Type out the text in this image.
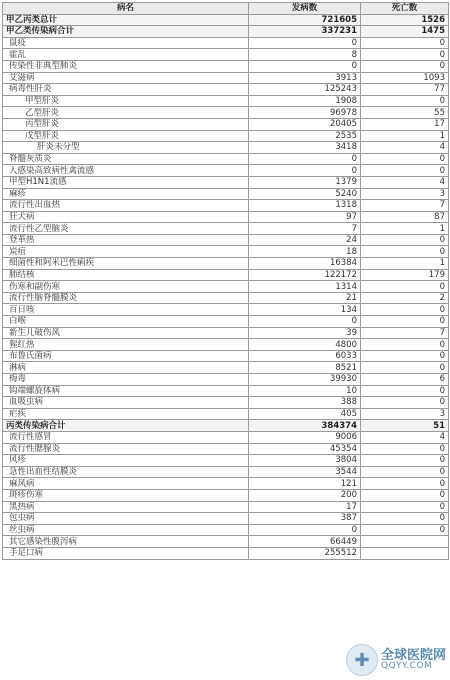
病名	发病数	死亡数
甲乙丙类总计	721605	1526
甲乙类传染病合计	337231	1475
鼠疫	0	0
霍乱	8	0
传染性非典型肺炎	0	0
艾滋病	3913	1093
病毒性肝炎	125243	77
甲型肝炎	1908	0
乙型肝炎	96978	55
丙型肝炎	20405	17
戊型肝炎	2535	1
肝炎未分型	3418	4
脊髓灰质炎	0	0
人感染高致病性禽流感	0	0
甲型H1N1流感	1379	4
麻疹	5240	3
流行性出血热	1318	7
狂犬病	97	87
流行性乙型脑炎	7	1
登革热	24	0
炭疽	18	0
细菌性和阿米巴性痢疾	16384	1
肺结核	122172	179
伤寒和副伤寒	1314	0
流行性脑脊髓膜炎	21	2
百日咳	134	0
白喉	0	0
新生儿破伤风	39	7
猩红热	4800	0
布鲁氏菌病	6033	0
淋病	8521	0
梅毒	39930	6
钩端螺旋体病	10	0
血吸虫病	388	0
疟疾	405	3
丙类传染病合计	384374	51
流行性感冒	9006	4
流行性腮腺炎	45354	0
风疹	3804	0
急性出血性结膜炎	3544	0
麻风病	121	0
斑疹伤寒	200	0
黑热病	17	0
包虫病	387	0
丝虫病	0	0
其它感染性腹泻病	66449	
手足口病	255512	
✚ 全球医院网
QQYY.COM
